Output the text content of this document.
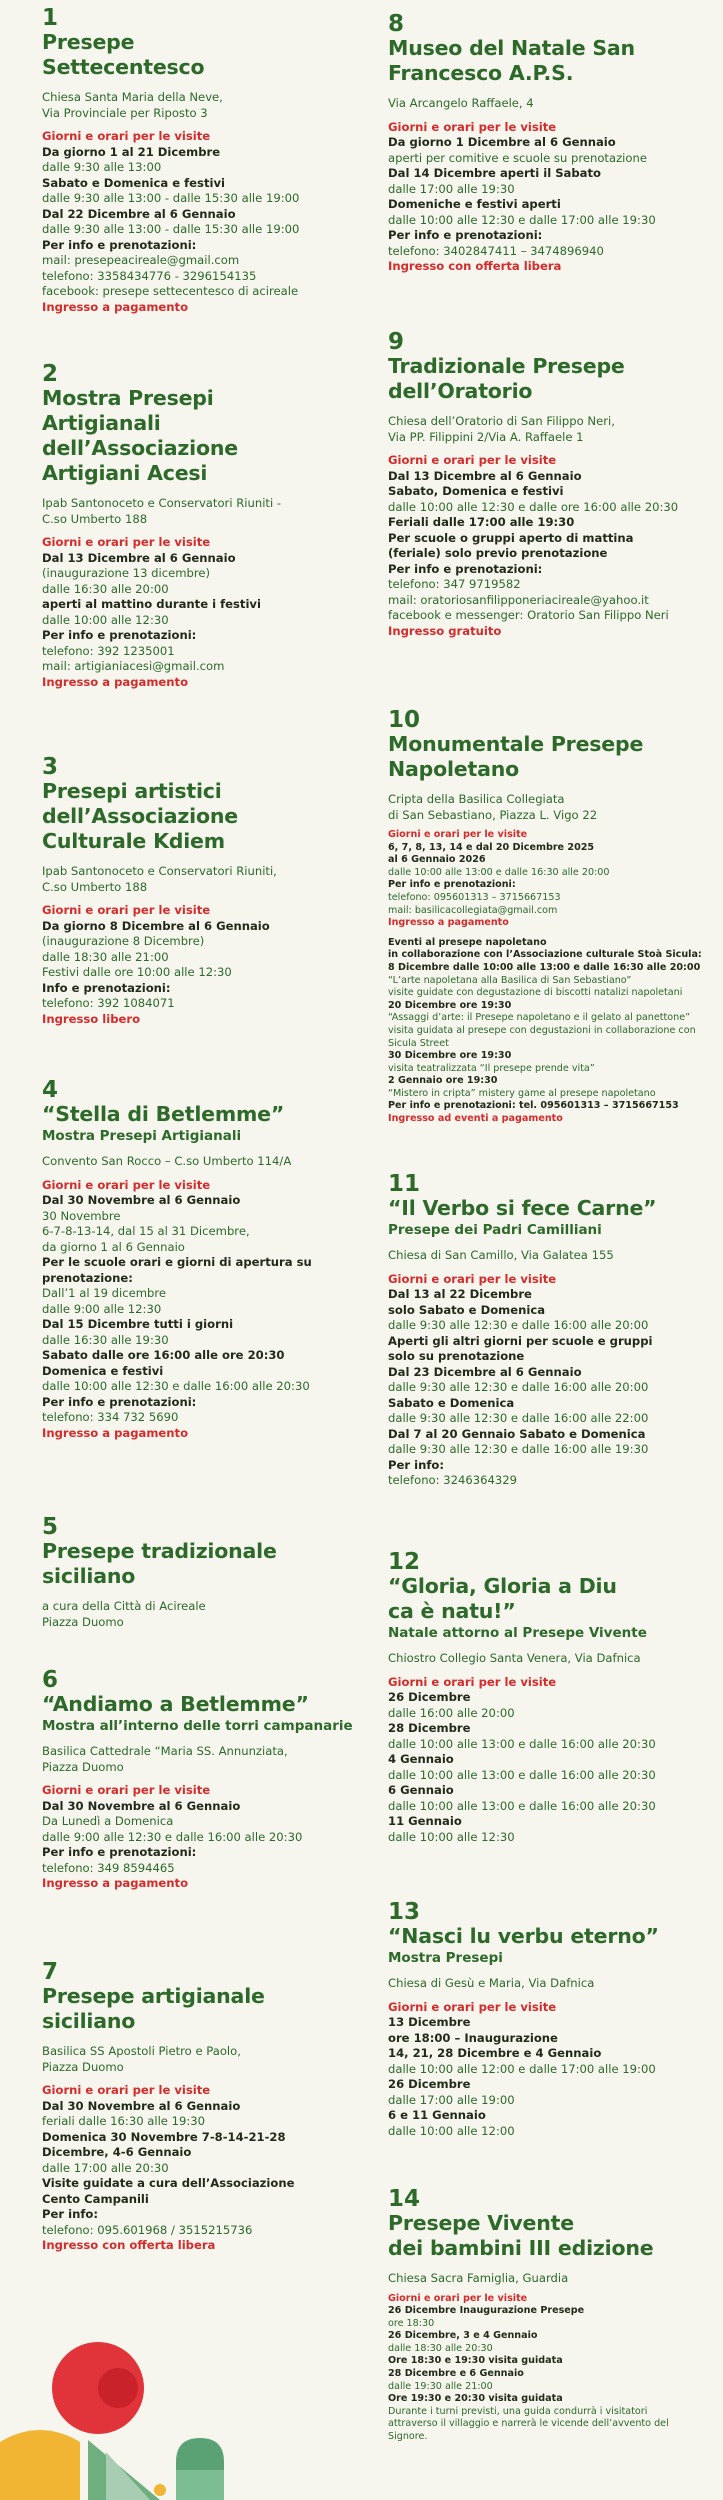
1

Presepe

Settecentesco

Chiesa Santa Maria della Neve,

Via Provinciale per Riposto 3

Giorni e orari per le visite

Da giorno 1 al 21 Dicembre

dalle 9:30 alle 13:00

Sabato e Domenica e festivi

dalle 9:30 alle 13:00 - dalle 15:30 alle 19:00

Dal 22 Dicembre al 6 Gennaio

dalle 9:30 alle 13:00 - dalle 15:30 alle 19:00

Per info e prenotazioni:

mail: presepeacireale@gmail.com

telefono: 3358434776 - 3296154135

facebook: presepe settecentesco di acireale

Ingresso a pagamento

2

Mostra Presepi

Artigianali

dell’Associazione

Artigiani Acesi

Ipab Santonoceto e Conservatori Riuniti -

C.so Umberto 188

Giorni e orari per le visite

Dal 13 Dicembre al 6 Gennaio

(inaugurazione 13 dicembre)

dalle 16:30 alle 20:00

aperti al mattino durante i festivi

dalle 10:00 alle 12:30

Per info e prenotazioni:

telefono: 392 1235001

mail: artigianiacesi@gmail.com

Ingresso a pagamento

3

Presepi artistici

dell’Associazione

Culturale Kdiem

Ipab Santonoceto e Conservatori Riuniti,

C.so Umberto 188

Giorni e orari per le visite

Da giorno 8 Dicembre al 6 Gennaio

(inaugurazione 8 Dicembre)

dalle 18:30 alle 21:00

Festivi dalle ore 10:00 alle 12:30

Info e prenotazioni:

telefono: 392 1084071

Ingresso libero

4

“Stella di Betlemme”

Mostra Presepi Artigianali

Convento San Rocco – C.so Umberto 114/A

Giorni e orari per le visite

Dal 30 Novembre al 6 Gennaio

30 Novembre

6-7-8-13-14, dal 15 al 31 Dicembre,

da giorno 1 al 6 Gennaio

Per le scuole orari e giorni di apertura su

prenotazione:

Dall’1 al 19 dicembre

dalle 9:00 alle 12:30

Dal 15 Dicembre tutti i giorni

dalle 16:30 alle 19:30

Sabato dalle ore 16:00 alle ore 20:30

Domenica e festivi

dalle 10:00 alle 12:30 e dalle 16:00 alle 20:30

Per info e prenotazioni:

telefono: 334 732 5690

Ingresso a pagamento

5

Presepe tradizionale

siciliano

a cura della Città di Acireale

Piazza Duomo

6

“Andiamo a Betlemme”

Mostra all’interno delle torri campanarie

Basilica Cattedrale “Maria SS. Annunziata,

Piazza Duomo

Giorni e orari per le visite

Dal 30 Novembre al 6 Gennaio

Da Lunedì a Domenica

dalle 9:00 alle 12:30 e dalle 16:00 alle 20:30

Per info e prenotazioni:

telefono: 349 8594465

Ingresso a pagamento

7

Presepe artigianale

siciliano

Basilica SS Apostoli Pietro e Paolo,

Piazza Duomo

Giorni e orari per le visite

Dal 30 Novembre al 6 Gennaio

feriali dalle 16:30 alle 19:30

Domenica 30 Novembre 7-8-14-21-28

Dicembre, 4-6 Gennaio

dalle 17:00 alle 20:30

Visite guidate a cura dell’Associazione

Cento Campanili

Per info:

telefono: 095.601968 / 3515215736

Ingresso con offerta libera

8

Museo del Natale San

Francesco A.P.S.

Via Arcangelo Raffaele, 4

Giorni e orari per le visite

Da giorno 1 Dicembre al 6 Gennaio

aperti per comitive e scuole su prenotazione

Dal 14 Dicembre aperti il Sabato

dalle 17:00 alle 19:30

Domeniche e festivi aperti

dalle 10:00 alle 12:30 e dalle 17:00 alle 19:30

Per info e prenotazioni:

telefono: 3402847411 – 3474896940

Ingresso con offerta libera

9

Tradizionale Presepe

dell’Oratorio

Chiesa dell’Oratorio di San Filippo Neri,

Via PP. Filippini 2/Via A. Raffaele 1

Giorni e orari per le visite

Dal 13 Dicembre al 6 Gennaio

Sabato, Domenica e festivi

dalle 10:00 alle 12:30 e dalle ore 16:00 alle 20:30

Feriali dalle 17:00 alle 19:30

Per scuole o gruppi aperto di mattina

(feriale) solo previo prenotazione

Per info e prenotazioni:

telefono: 347 9719582

mail: oratoriosanfilipponeriacireale@yahoo.it

facebook e messenger: Oratorio San Filippo Neri

Ingresso gratuito

10

Monumentale Presepe

Napoletano

Cripta della Basilica Collegiata

di San Sebastiano, Piazza L. Vigo 22

Giorni e orari per le visite

6, 7, 8, 13, 14 e dal 20 Dicembre 2025

al 6 Gennaio 2026

dalle 10:00 alle 13:00 e dalle 16:30 alle 20:00

Per info e prenotazioni:

telefono: 095601313 – 3715667153

mail: basilicacollegiata@gmail.com

Ingresso a pagamento

Eventi al presepe napoletano

in collaborazione con l’Associazione culturale Stoà Sicula:

8 Dicembre dalle 10:00 alle 13:00 e dalle 16:30 alle 20:00

“L’arte napoletana alla Basilica di San Sebastiano”

visite guidate con degustazione di biscotti natalizi napoletani

20 Dicembre ore 19:30

“Assaggi d’arte: il Presepe napoletano e il gelato al panettone”

visita guidata al presepe con degustazioni in collaborazione con

Sicula Street

30 Dicembre ore 19:30

visita teatralizzata “Il presepe prende vita”

2 Gennaio ore 19:30

“Mistero in cripta” mistery game al presepe napoletano

Per info e prenotazioni: tel. 095601313 – 3715667153

Ingresso ad eventi a pagamento

11

“Il Verbo si fece Carne”

Presepe dei Padri Camilliani

Chiesa di San Camillo, Via Galatea 155

Giorni e orari per le visite

Dal 13 al 22 Dicembre

solo Sabato e Domenica

dalle 9:30 alle 12:30 e dalle 16:00 alle 20:00

Aperti gli altri giorni per scuole e gruppi

solo su prenotazione

Dal 23 Dicembre al 6 Gennaio

dalle 9:30 alle 12:30 e dalle 16:00 alle 20:00

Sabato e Domenica

dalle 9:30 alle 12:30 e dalle 16:00 alle 22:00

Dal 7 al 20 Gennaio Sabato e Domenica

dalle 9:30 alle 12:30 e dalle 16:00 alle 19:30

Per info:

telefono: 3246364329

12

“Gloria, Gloria a Diu

ca è natu!”

Natale attorno al Presepe Vivente

Chiostro Collegio Santa Venera, Via Dafnica

Giorni e orari per le visite

26 Dicembre

dalle 16:00 alle 20:00

28 Dicembre

dalle 10:00 alle 13:00 e dalle 16:00 alle 20:30

4 Gennaio

dalle 10:00 alle 13:00 e dalle 16:00 alle 20:30

6 Gennaio

dalle 10:00 alle 13:00 e dalle 16:00 alle 20:30

11 Gennaio

dalle 10:00 alle 12:30

13

“Nasci lu verbu eterno”

Mostra Presepi

Chiesa di Gesù e Maria, Via Dafnica

Giorni e orari per le visite

13 Dicembre

ore 18:00 – Inaugurazione

14, 21, 28 Dicembre e 4 Gennaio

dalle 10:00 alle 12:00 e dalle 17:00 alle 19:00

26 Dicembre

dalle 17:00 alle 19:00

6 e 11 Gennaio

dalle 10:00 alle 12:00

14

Presepe Vivente

dei bambini III edizione

Chiesa Sacra Famiglia, Guardia

Giorni e orari per le visite

26 Dicembre Inaugurazione Presepe

ore 18:30

26 Dicembre, 3 e 4 Gennaio

dalle 18:30 alle 20:30

Ore 18:30 e 19:30 visita guidata

28 Dicembre e 6 Gennaio

dalle 19:30 alle 21:00

Ore 19:30 e 20:30 visita guidata

Durante i turni previsti, una guida condurrà i visitatori

attraverso il villaggio e narrerà le vicende dell’avvento del

Signore.
